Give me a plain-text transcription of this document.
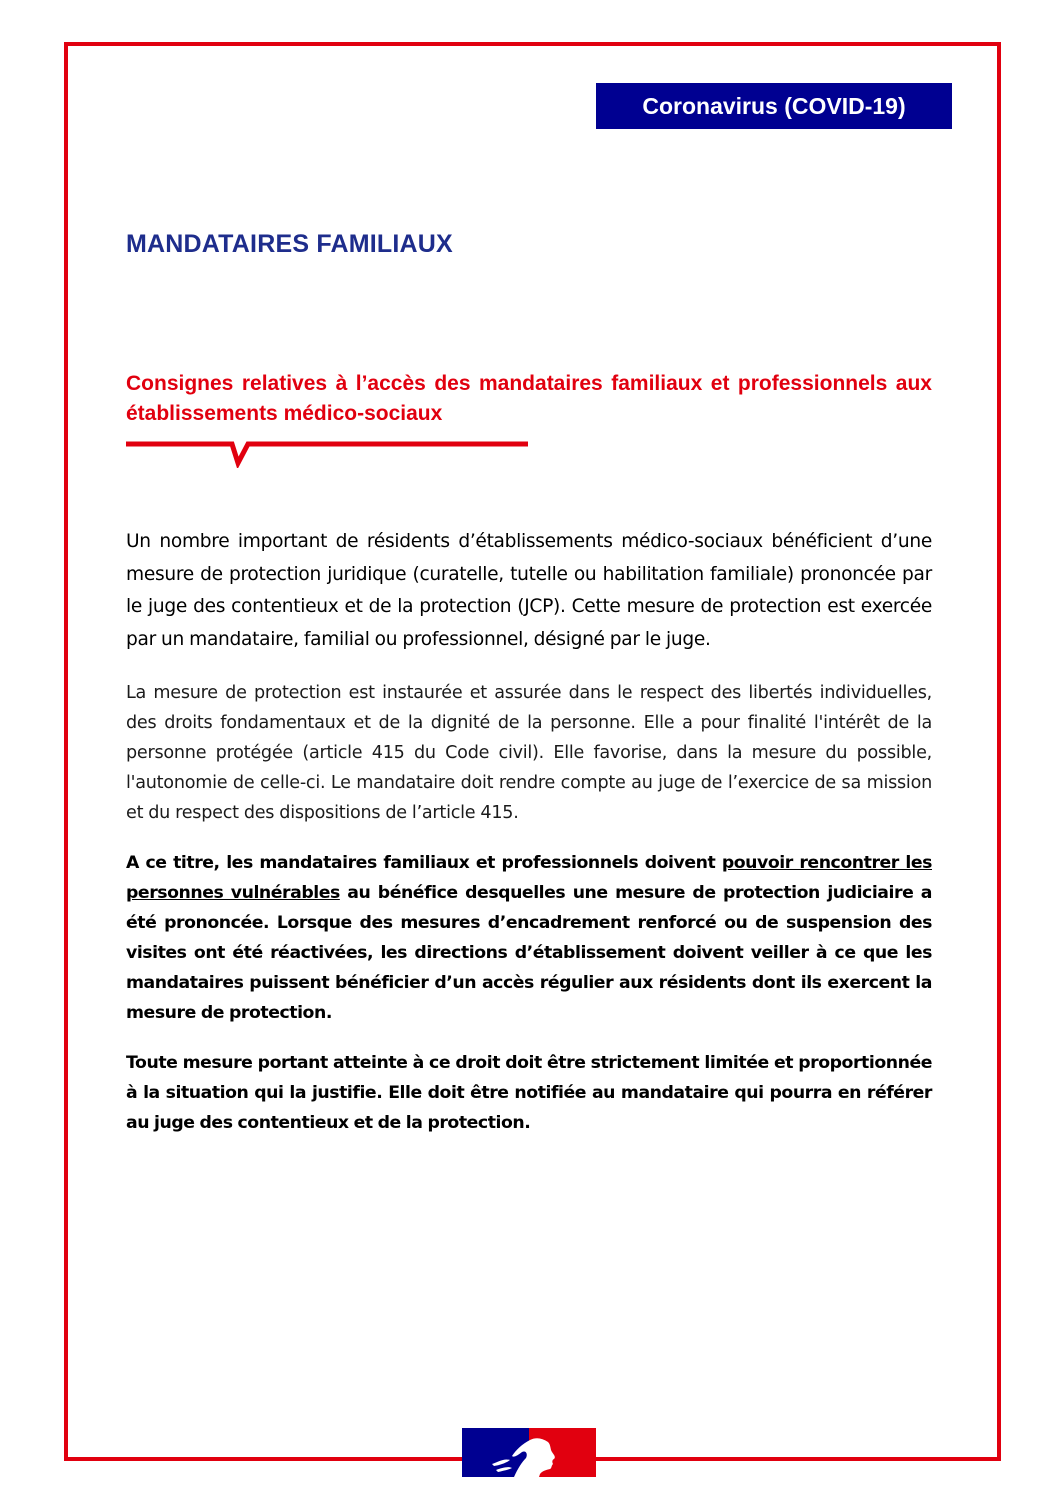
Coronavirus (COVID-19)
MANDATAIRES FAMILIAUX
Consignes relatives à l’accès des mandataires familiaux et professionnels aux établissements médico-sociaux

Un nombre important de résidents d’établissements médico-sociaux bénéficient d’une mesure de protection juridique (curatelle, tutelle ou habilitation familiale) prononcée par le juge des contentieux et de la protection (JCP). Cette mesure de protection est exercée par un mandataire, familial ou professionnel, désigné par le juge.

La mesure de protection est instaurée et assurée dans le respect des libertés individuelles, des droits fondamentaux et de la dignité de la personne. Elle a pour finalité l'intérêt de la personne protégée (article 415 du Code civil). Elle favorise, dans la mesure du possible, l'autonomie de celle-ci. Le mandataire doit rendre compte au juge de l’exercice de sa mission et du respect des dispositions de l’article 415.

A ce titre, les mandataires familiaux et professionnels doivent pouvoir rencontrer les personnes vulnérables au bénéfice desquelles une mesure de protection judiciaire a été prononcée. Lorsque des mesures d’encadrement renforcé ou de suspension des visites ont été réactivées, les directions d’établissement doivent veiller à ce que les mandataires puissent bénéficier d’un accès régulier aux résidents dont ils exercent la mesure de protection.

Toute mesure portant atteinte à ce droit doit être strictement limitée et proportionnée à la situation qui la justifie. Elle doit être notifiée au mandataire qui pourra en référer au juge des contentieux et de la protection.
